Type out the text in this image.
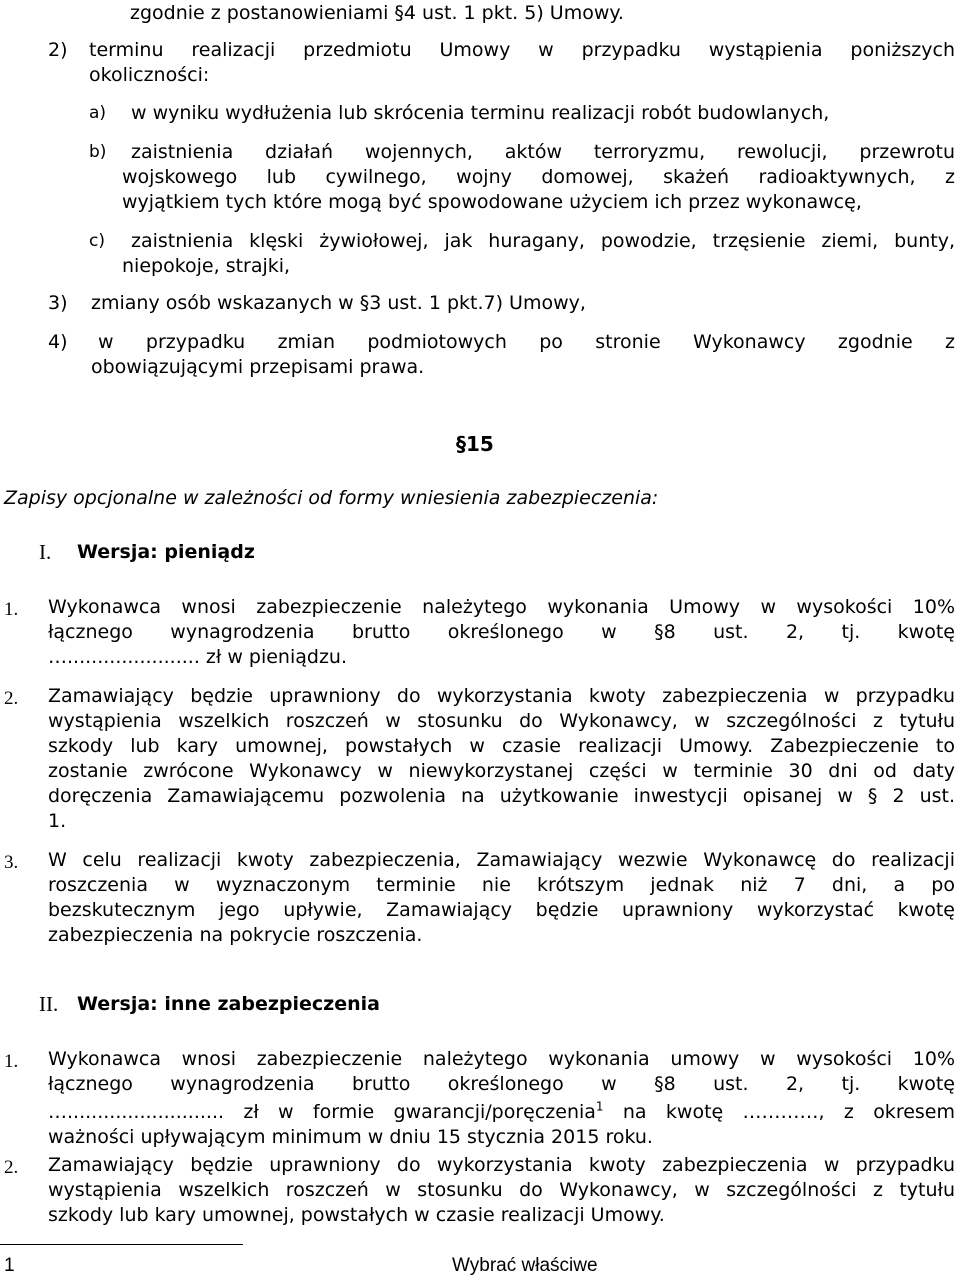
zgodnie z postanowieniami §4 ust. 1 pkt. 5) Umowy.
2) terminu realizacji przedmiotu Umowy w przypadku wystąpienia poniższych
okoliczności:
a) w wyniku wydłużenia lub skrócenia terminu realizacji robót budowlanych,
b) zaistnienia działań wojennych, aktów terroryzmu, rewolucji, przewrotu
wojskowego lub cywilnego, wojny domowej, skażeń radioaktywnych, z
wyjątkiem tych które mogą być spowodowane użyciem ich przez wykonawcę,
c) zaistnienia klęski żywiołowej, jak huragany, powodzie, trzęsienie ziemi, bunty,
niepokoje, strajki,
3) zmiany osób wskazanych w §3 ust. 1 pkt.7) Umowy,
4) w przypadku zmian podmiotowych po stronie Wykonawcy zgodnie z
obowiązującymi przepisami prawa.
§15
Zapisy opcjonalne w zależności od formy wniesienia zabezpieczenia:
I. Wersja: pieniądz
1. Wykonawca wnosi zabezpieczenie należytego wykonania Umowy w wysokości 10%
łącznego wynagrodzenia brutto określonego w §8 ust. 2, tj. kwotę
…...................... zł w pieniądzu.
2. Zamawiający będzie uprawniony do wykorzystania kwoty zabezpieczenia w przypadku
wystąpienia wszelkich roszczeń w stosunku do Wykonawcy, w szczególności z tytułu
szkody lub kary umownej, powstałych w czasie realizacji Umowy. Zabezpieczenie to
zostanie zwrócone Wykonawcy w niewykorzystanej części w terminie 30 dni od daty
doręczenia Zamawiającemu pozwolenia na użytkowanie inwestycji opisanej w § 2 ust.
1.
3. W celu realizacji kwoty zabezpieczenia, Zamawiający wezwie Wykonawcę do realizacji
roszczenia w wyznaczonym terminie nie krótszym jednak niż 7 dni, a po
bezskutecznym jego upływie, Zamawiający będzie uprawniony wykorzystać kwotę
zabezpieczenia na pokrycie roszczenia.
II. Wersja: inne zabezpieczenia
1. Wykonawca wnosi zabezpieczenie należytego wykonania umowy w wysokości 10%
łącznego wynagrodzenia brutto określonego w §8 ust. 2, tj. kwotę
….......................... zł w formie gwarancji/poręczenia$^1$ na kwotę …………, z okresem
ważności upływającym minimum w dniu 15 stycznia 2015 roku.
2. Zamawiający będzie uprawniony do wykorzystania kwoty zabezpieczenia w przypadku
wystąpienia wszelkich roszczeń w stosunku do Wykonawcy, w szczególności z tytułu
szkody lub kary umownej, powstałych w czasie realizacji Umowy.
1	Wybrać właściwe
